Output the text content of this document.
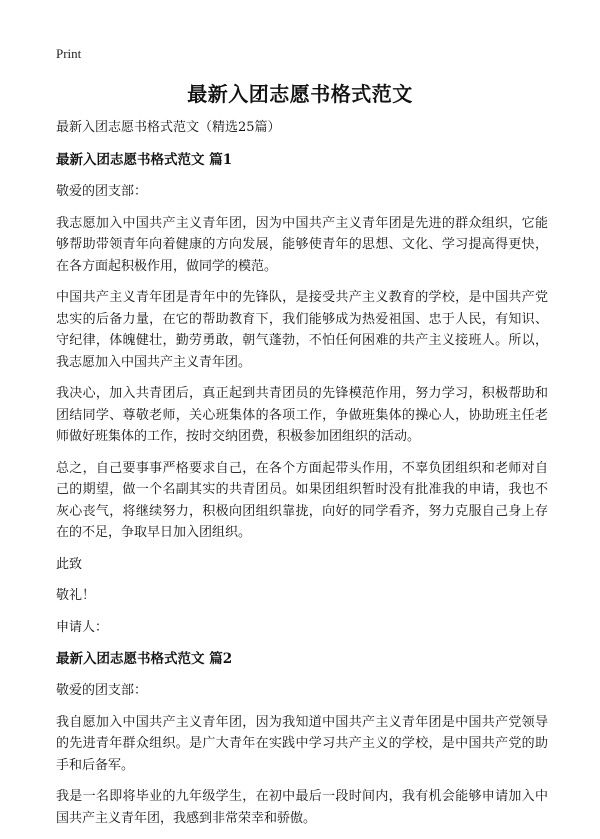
Print
最新入团志愿书格式范文

最新入团志愿书格式范文（精选25篇）

最新入团志愿书格式范文 篇1

敬爱的团支部：

我志愿加入中国共产主义青年团，因为中国共产主义青年团是先进的群众组织，它能够帮助带领青年向着健康的方向发展，能够使青年的思想、文化、学习提高得更快，在各方面起积极作用，做同学的模范。

中国共产主义青年团是青年中的先锋队，是接受共产主义教育的学校，是中国共产党忠实的后备力量，在它的帮助教育下，我们能够成为热爱祖国、忠于人民，有知识、守纪律，体魄健壮，勤劳勇敢，朝气蓬勃，不怕任何困难的共产主义接班人。所以，我志愿加入中国共产主义青年团。

我决心，加入共青团后，真正起到共青团员的先锋模范作用，努力学习，积极帮助和团结同学、尊敬老师，关心班集体的各项工作，争做班集体的操心人，协助班主任老师做好班集体的工作，按时交纳团费，积极参加团组织的活动。

总之，自己要事事严格要求自己，在各个方面起带头作用，不辜负团组织和老师对自己的期望，做一个名副其实的共青团员。如果团组织暂时没有批准我的申请，我也不灰心丧气，将继续努力，积极向团组织靠拢，向好的同学看齐，努力克服自己身上存在的不足，争取早日加入团组织。

此致

敬礼！

申请人：

最新入团志愿书格式范文 篇2

敬爱的团支部：

我自愿加入中国共产主义青年团，因为我知道中国共产主义青年团是中国共产党领导的先进青年群众组织。是广大青年在实践中学习共产主义的学校，是中国共产党的助手和后备军。

我是一名即将毕业的九年级学生，在初中最后一段时间内，我有机会能够申请加入中国共产主义青年团，我感到非常荣幸和骄傲。
